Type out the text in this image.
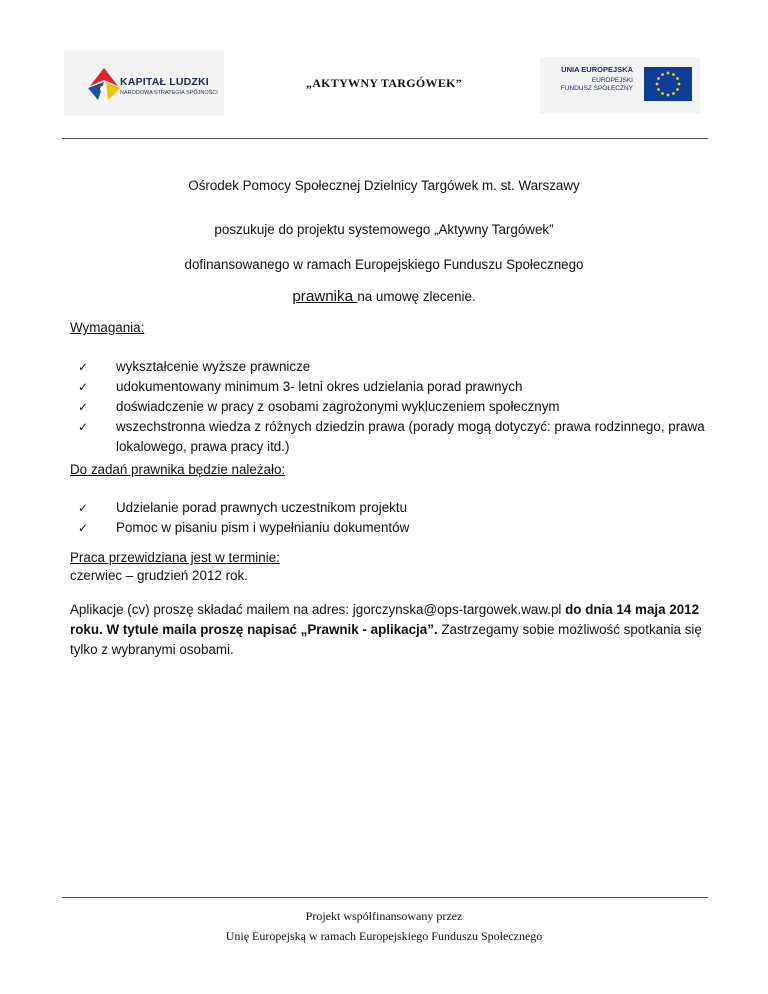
KAPITAŁ LUDZKI
NARODOWA STRATEGIA SPÓJNOŚCI
„AKTYWNY TARGÓWEK”
UNIA EUROPEJSKA
EUROPEJSKI
FUNDUSZ SPOŁECZNY
Ośrodek Pomocy Społecznej Dzielnicy Targówek m. st. Warszawy
poszukuje do projektu systemowego „Aktywny Targówek”
dofinansowanego w ramach Europejskiego Funduszu Społecznego
prawnika na umowę zlecenie.
Wymagania:
✓ wykształcenie wyższe prawnicze
✓ udokumentowany minimum 3- letni okres udzielania porad prawnych
✓ doświadczenie w pracy z osobami zagrożonymi wykluczeniem społecznym
✓ wszechstronna wiedza z różnych dziedzin prawa (porady mogą dotyczyć: prawa rodzinnego, prawa lokalowego, prawa pracy itd.)
Do zadań prawnika będzie należało:
✓ Udzielanie porad prawnych uczestnikom projektu
✓ Pomoc w pisaniu pism i wypełnianiu dokumentów
Praca przewidziana jest w terminie:
czerwiec – grudzień 2012 rok.
Aplikacje (cv) proszę składać mailem na adres: jgorczynska@ops-targowek.waw.pl do dnia 14 maja 2012 roku. W tytule maila proszę napisać „Prawnik - aplikacja”. Zastrzegamy sobie możliwość spotkania się tylko z wybranymi osobami.
Projekt współfinansowany przez
Unię Europejską w ramach Europejskiego Funduszu Społecznego
